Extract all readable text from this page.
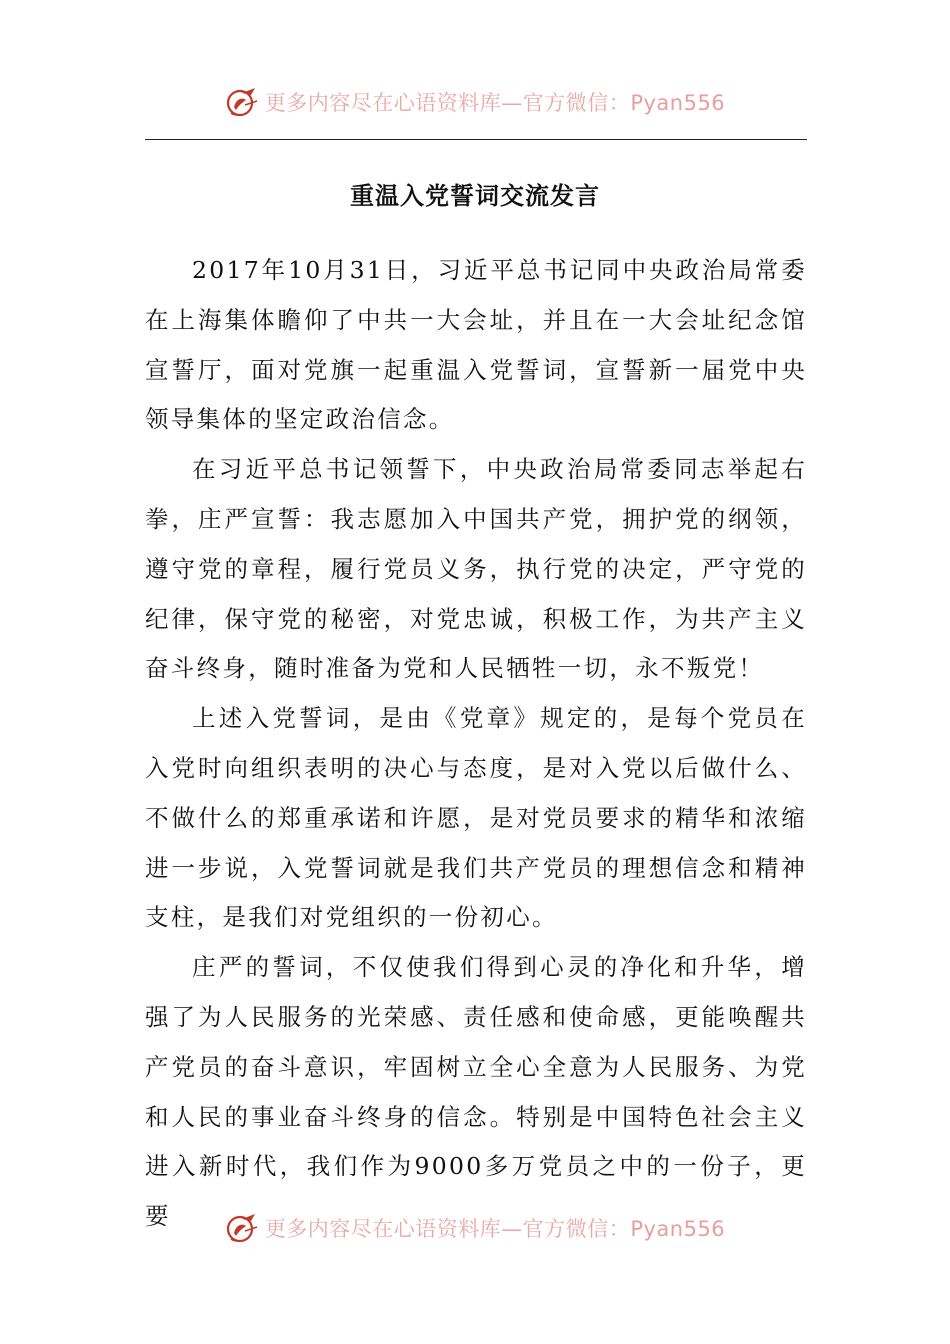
更多内容尽在心语资料库—官方微信：Pyan556
重温入党誓词交流发言

2017年10月31日，习近平总书记同中央政治局常委在上海集体瞻仰了中共一大会址，并且在一大会址纪念馆宣誓厅，面对党旗一起重温入党誓词，宣誓新一届党中央领导集体的坚定政治信念。

在习近平总书记领誓下，中央政治局常委同志举起右拳，庄严宣誓：我志愿加入中国共产党，拥护党的纲领，遵守党的章程，履行党员义务，执行党的决定，严守党的纪律，保守党的秘密，对党忠诚，积极工作，为共产主义奋斗终身，随时准备为党和人民牺牲一切，永不叛党！

上述入党誓词，是由《党章》规定的，是每个党员在入党时向组织表明的决心与态度，是对入党以后做什么、不做什么的郑重承诺和许愿，是对党员要求的精华和浓缩进一步说，入党誓词就是我们共产党员的理想信念和精神支柱，是我们对党组织的一份初心。

庄严的誓词，不仅使我们得到心灵的净化和升华，增强了为人民服务的光荣感、责任感和使命感，更能唤醒共产党员的奋斗意识，牢固树立全心全意为人民服务、为党和人民的事业奋斗终身的信念。特别是中国特色社会主义进入新时代，我们作为9000多万党员之中的一份子，更要	更多内容尽在心语资料库—官方微信：Pyan556
